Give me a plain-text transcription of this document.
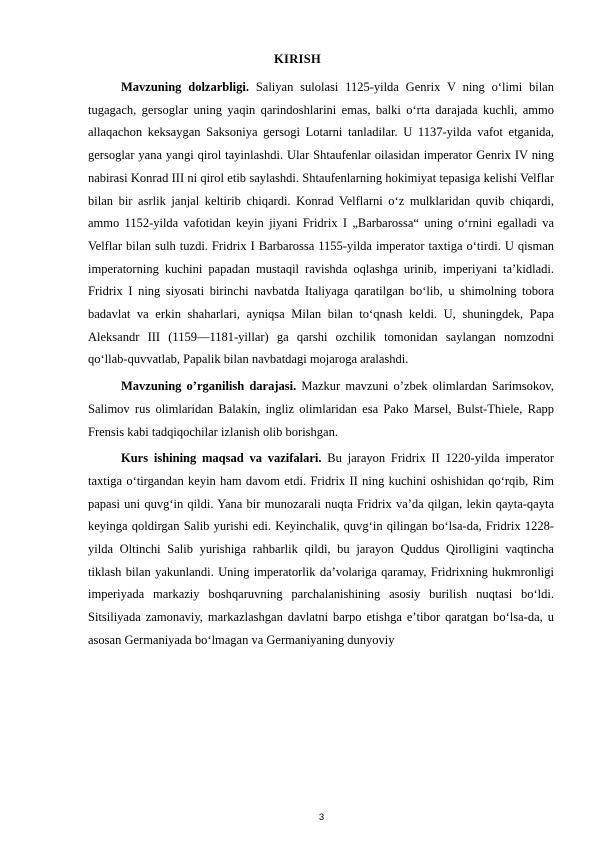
KIRISH

Mavzuning dolzarbligi. Saliyan sulolasi 1125-yilda Genrix V ning oʻlimi bilan tugagach, gersoglar uning yaqin qarindoshlarini emas, balki oʻrta darajada kuchli, ammo allaqachon keksaygan Saksoniya gersogi Lotarni tanladilar. U 1137-yilda vafot etganida, gersoglar yana yangi qirol tayinlashdi. Ular Shtaufenlar oilasidan imperator Genrix IV ning nabirasi Konrad III ni qirol etib saylashdi. Shtaufenlarning hokimiyat tepasiga kelishi Velflar bilan bir asrlik janjal keltirib chiqardi. Konrad Velflarni oʻz mulklaridan quvib chiqardi, ammo 1152-yilda vafotidan keyin jiyani Fridrix I „Barbarossa“ uning oʻrnini egalladi va Velflar bilan sulh tuzdi. Fridrix I Barbarossa 1155-yilda imperator taxtiga oʻtirdi. U qisman imperatorning kuchini papadan mustaqil ravishda oqlashga urinib, imperiyani taʼkidladi. Fridrix I ning siyosati birinchi navbatda Italiyaga qaratilgan boʻlib, u shimolning tobora badavlat va erkin shaharlari, ayniqsa Milan bilan toʻqnash keldi. U, shuningdek, Papa Aleksandr III (1159—1181-yillar) ga qarshi ozchilik tomonidan saylangan nomzodni qoʻllab-quvvatlab, Papalik bilan navbatdagi mojaroga aralashdi.

Mavzuning o’rganilish darajasi. Mazkur mavzuni o’zbek olimlardan Sarimsokov, Salimov rus olimlaridan Balakin, ingliz olimlaridan esa Pako Marsel, Bulst-Thiele, Rapp Frensis kabi tadqiqochilar izlanish olib borishgan.

Kurs ishining maqsad va vazifalari. Bu jarayon Fridrix II 1220-yilda imperator taxtiga oʻtirgandan keyin ham davom etdi. Fridrix II ning kuchini oshishidan qoʻrqib, Rim papasi uni quvgʻin qildi. Yana bir munozarali nuqta Fridrix vaʼda qilgan, lekin qayta-qayta keyinga qoldirgan Salib yurishi edi. Keyinchalik, quvgʻin qilingan boʻlsa-da, Fridrix 1228-yilda Oltinchi Salib yurishiga rahbarlik qildi, bu jarayon Quddus Qirolligini vaqtincha tiklash bilan yakunlandi. Uning imperatorlik daʼvolariga qaramay, Fridrixning hukmronligi imperiyada markaziy boshqaruvning parchalanishining asosiy burilish nuqtasi boʻldi. Sitsiliyada zamonaviy, markazlashgan davlatni barpo etishga eʼtibor qaratgan boʻlsa-da, u asosan Germaniyada boʻlmagan va Germaniyaning dunyoviy

3
